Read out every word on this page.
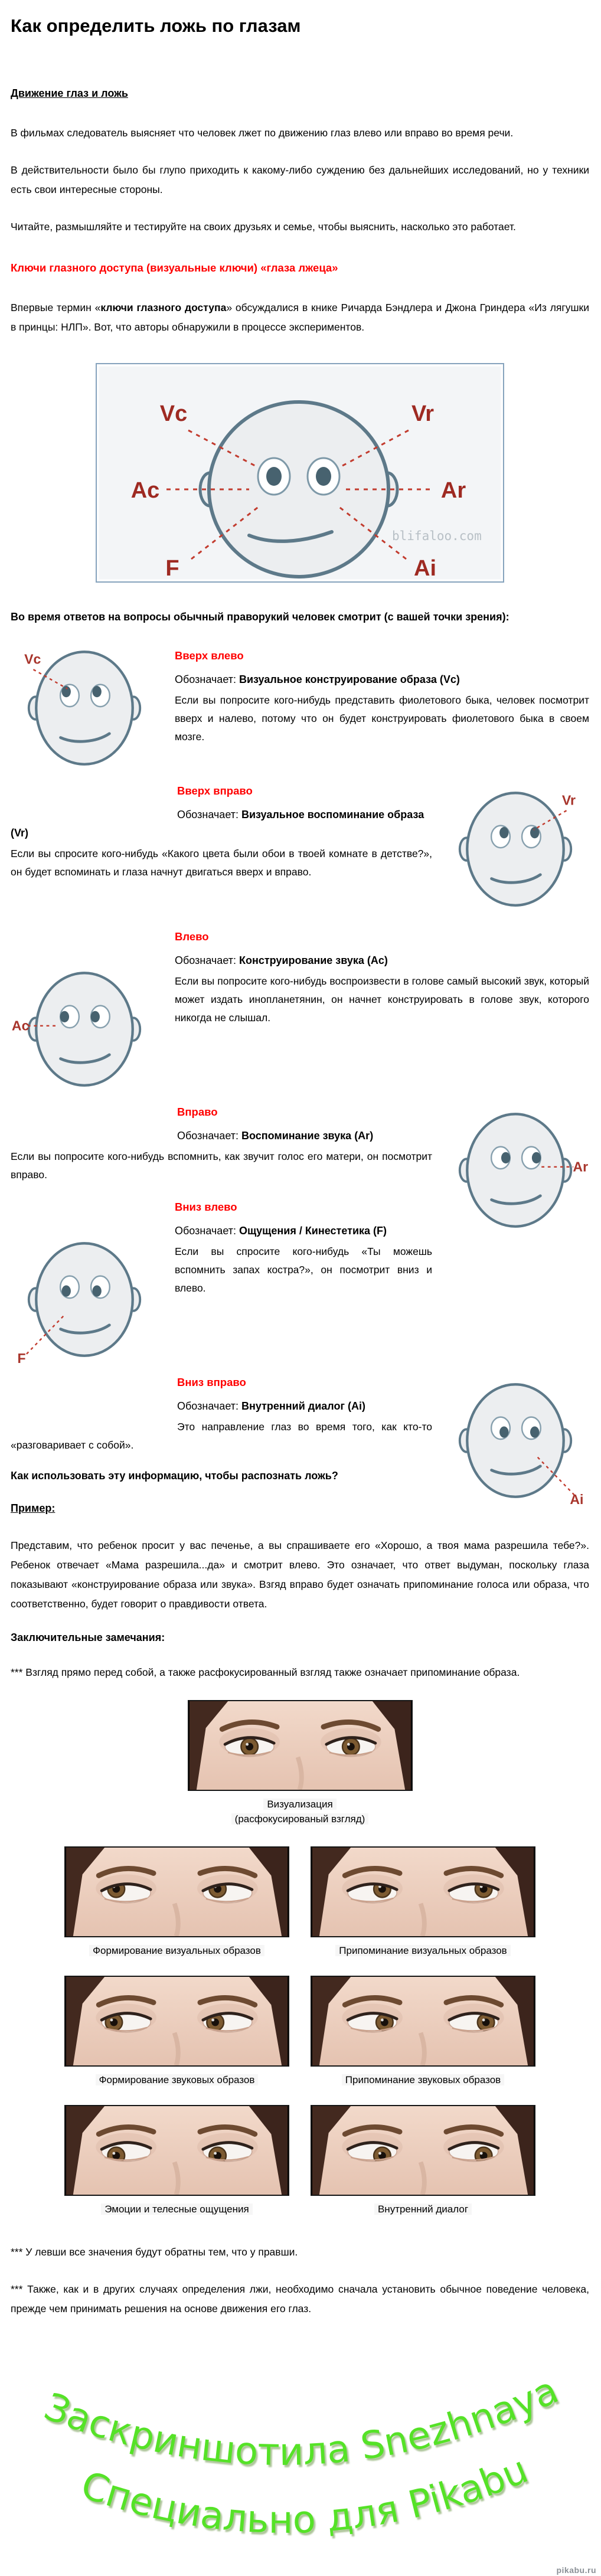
Как определить ложь по глазам
Движение глаз и ложь

В фильмах следователь выясняет что человек лжет по движению глаз влево или вправо во время речи.

В действительности было бы глупо приходить к какому-либо суждению без дальнейших исследований, но у техники есть свои интересные стороны.

Читайте, размышляйте и тестируйте на своих друзьях и семье, чтобы выяснить, насколько это работает.

Ключи глазного доступа (визуальные ключи) «глаза лжеца»

Впервые термин «ключи глазного доступа» обсуждалися в книке Ричарда Бэндлера и Джона Гриндера «Из лягушки в принцы: НЛП». Вот, что авторы обнаружили в процессе экспериментов.

Vc	Vr
Ac	Ar
F	Ai
blifaloo.com

Во время ответов на вопросы обычный праворукий человек смотрит (с вашей точки зрения):

Vc	Вверх влево

Обозначает: Визуальное конструирование образа (Vc)

Если вы попросите кого-нибудь представить фиолетового быка, человек посмотрит вверх и налево, потому что он будет конструировать фиолетового быка в своем мозге.

Vr
Вверх вправо

Обозначает: Визуальное воспоминание образа (Vr)

Если вы спросите кого-нибудь «Какого цвета были обои в твоей комнате в детстве?», он будет вспоминать и глаза начнут двигаться вверх и вправо.

Ac
Влево

Обозначает: Конструирование звука (Ac)

Если вы попросите кого-нибудь воспроизвести в голове самый высокий звук, который может издать инопланетянин, он начнет конструировать в голове звук, которого никогда не слышал.

Ar
Вправо

Обозначает: Воспоминание звука (Ar)

Если вы попросите кого-нибудь вспомнить, как звучит голос его матери, он посмотрит вправо.

F
Вниз влево

Обозначает: Ощущения / Кинестетика (F)

Если вы спросите кого-нибудь «Ты можешь вспомнить запах костра?», он посмотрит вниз и влево.

Ai
Вниз вправо

Обозначает: Внутренний диалог (Ai)

Это направление глаз во время того, как кто-то «разговаривает с собой».

Как использовать эту информацию, чтобы распознать ложь?
Пример:

Представим, что ребенок просит у вас печенье, а вы спрашиваете его «Хорошо, а твоя мама разрешила тебе?». Ребенок отвечает «Мама разрешила...да» и смотрит влево. Это означает, что ответ выдуман, поскольку глаза показывают «конструирование образа или звука». Взгяд вправо будет означать припоминание голоса или образа, что соответственно, будет говорит о правдивости ответа.

Заключительные замечания:

*** Взгляд прямо перед собой, а также расфокусированный взгляд также означает припоминание образа.

Визуализация
(расфокусированый взгляд)
Формирование визуальных образов	Припоминание визуальных образов
Формирование звуковых образов	Припоминание звуковых образов
Эмоции и телесные ощущения	Внутренний диалог

*** У левши все значения будут обратны тем, что у правши.

*** Также, как и в других случаях определения лжи, необходимо сначала установить обычное поведение человека, прежде чем принимать решения на основе движения его глаз.

Заскриншотила Snezhnaya
Специально для Pikabu
pikabu.ru
